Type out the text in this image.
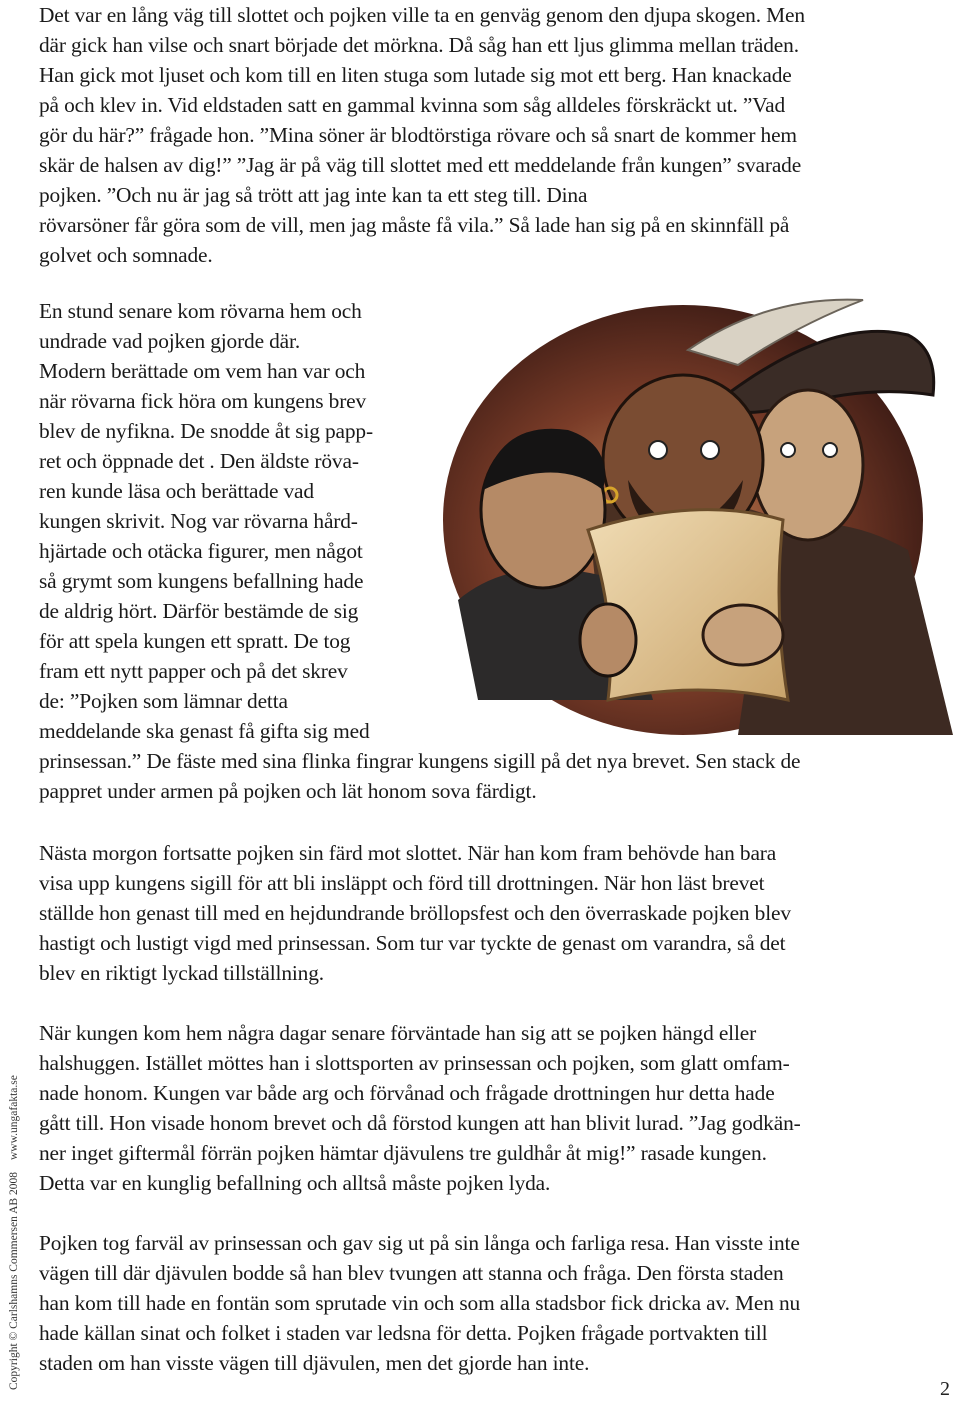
Det var en lång väg till slottet och pojken ville ta en genväg genom den djupa skogen. Men
där gick han vilse och snart började det mörkna. Då såg han ett ljus glimma mellan träden.
Han gick mot ljuset och kom till en liten stuga som lutade sig mot ett berg. Han knackade
på och klev in. Vid eldstaden satt en gammal kvinna som såg alldeles förskräckt ut. ”Vad
gör du här?” frågade hon. ”Mina söner är blodtörstiga rövare och så snart de kommer hem
skär de halsen av dig!” ”Jag är på väg till slottet med ett meddelande från kungen” svarade
pojken. ”Och nu är jag så trött att jag inte kan ta ett steg till. Dina
rövarsöner får göra som de vill, men jag måste få vila.” Så lade han sig på en skinnfäll på
golvet och somnade.

En stund senare kom rövarna hem och
undrade vad pojken gjorde där.
Modern berättade om vem han var och
när rövarna fick höra om kungens brev
blev de nyfikna. De snodde åt sig papp-
ret och öppnade det . Den äldste röva-
ren kunde läsa och berättade vad
kungen skrivit. Nog var rövarna hård-
hjärtade och otäcka figurer, men något
så grymt som kungens befallning hade
de aldrig hört. Därför bestämde de sig
för att spela kungen ett spratt. De tog
fram ett nytt papper och på det skrev
de: ”Pojken som lämnar detta
meddelande ska genast få gifta sig med
prinsessan.” De fäste med sina flinka fingrar kungens sigill på det nya brevet. Sen stack de
pappret under armen på pojken och lät honom sova färdigt.

Nästa morgon fortsatte pojken sin färd mot slottet. När han kom fram behövde han bara
visa upp kungens sigill för att bli insläppt och förd till drottningen. När hon läst brevet
ställde hon genast till med en hejdundrande bröllopsfest och den överraskade pojken blev
hastigt och lustigt vigd med prinsessan. Som tur var tyckte de genast om varandra, så det
blev en riktigt lyckad tillställning.

När kungen kom hem några dagar senare förväntade han sig att se pojken hängd eller
halshuggen. Istället möttes han i slottsporten av prinsessan och pojken, som glatt omfam-
nade honom. Kungen var både arg och förvånad och frågade drottningen hur detta hade
gått till. Hon visade honom brevet och då förstod kungen att han blivit lurad. ”Jag godkän-
ner inget giftermål förrän pojken hämtar djävulens tre guldhår åt mig!” rasade kungen.
Detta var en kunglig befallning och alltså måste pojken lyda.

Pojken tog farväl av prinsessan och gav sig ut på sin långa och farliga resa. Han visste inte
vägen till där djävulen bodde så han blev tvungen att stanna och fråga. Den första staden
han kom till hade en fontän som sprutade vin och som alla stadsbor fick dricka av. Men nu
hade källan sinat och folket i staden var ledsna för detta. Pojken frågade portvakten till
staden om han visste vägen till djävulen, men det gjorde han inte.

Copyright © Carlshamns Commersen AB 2008
www.ungafakta.se
2
